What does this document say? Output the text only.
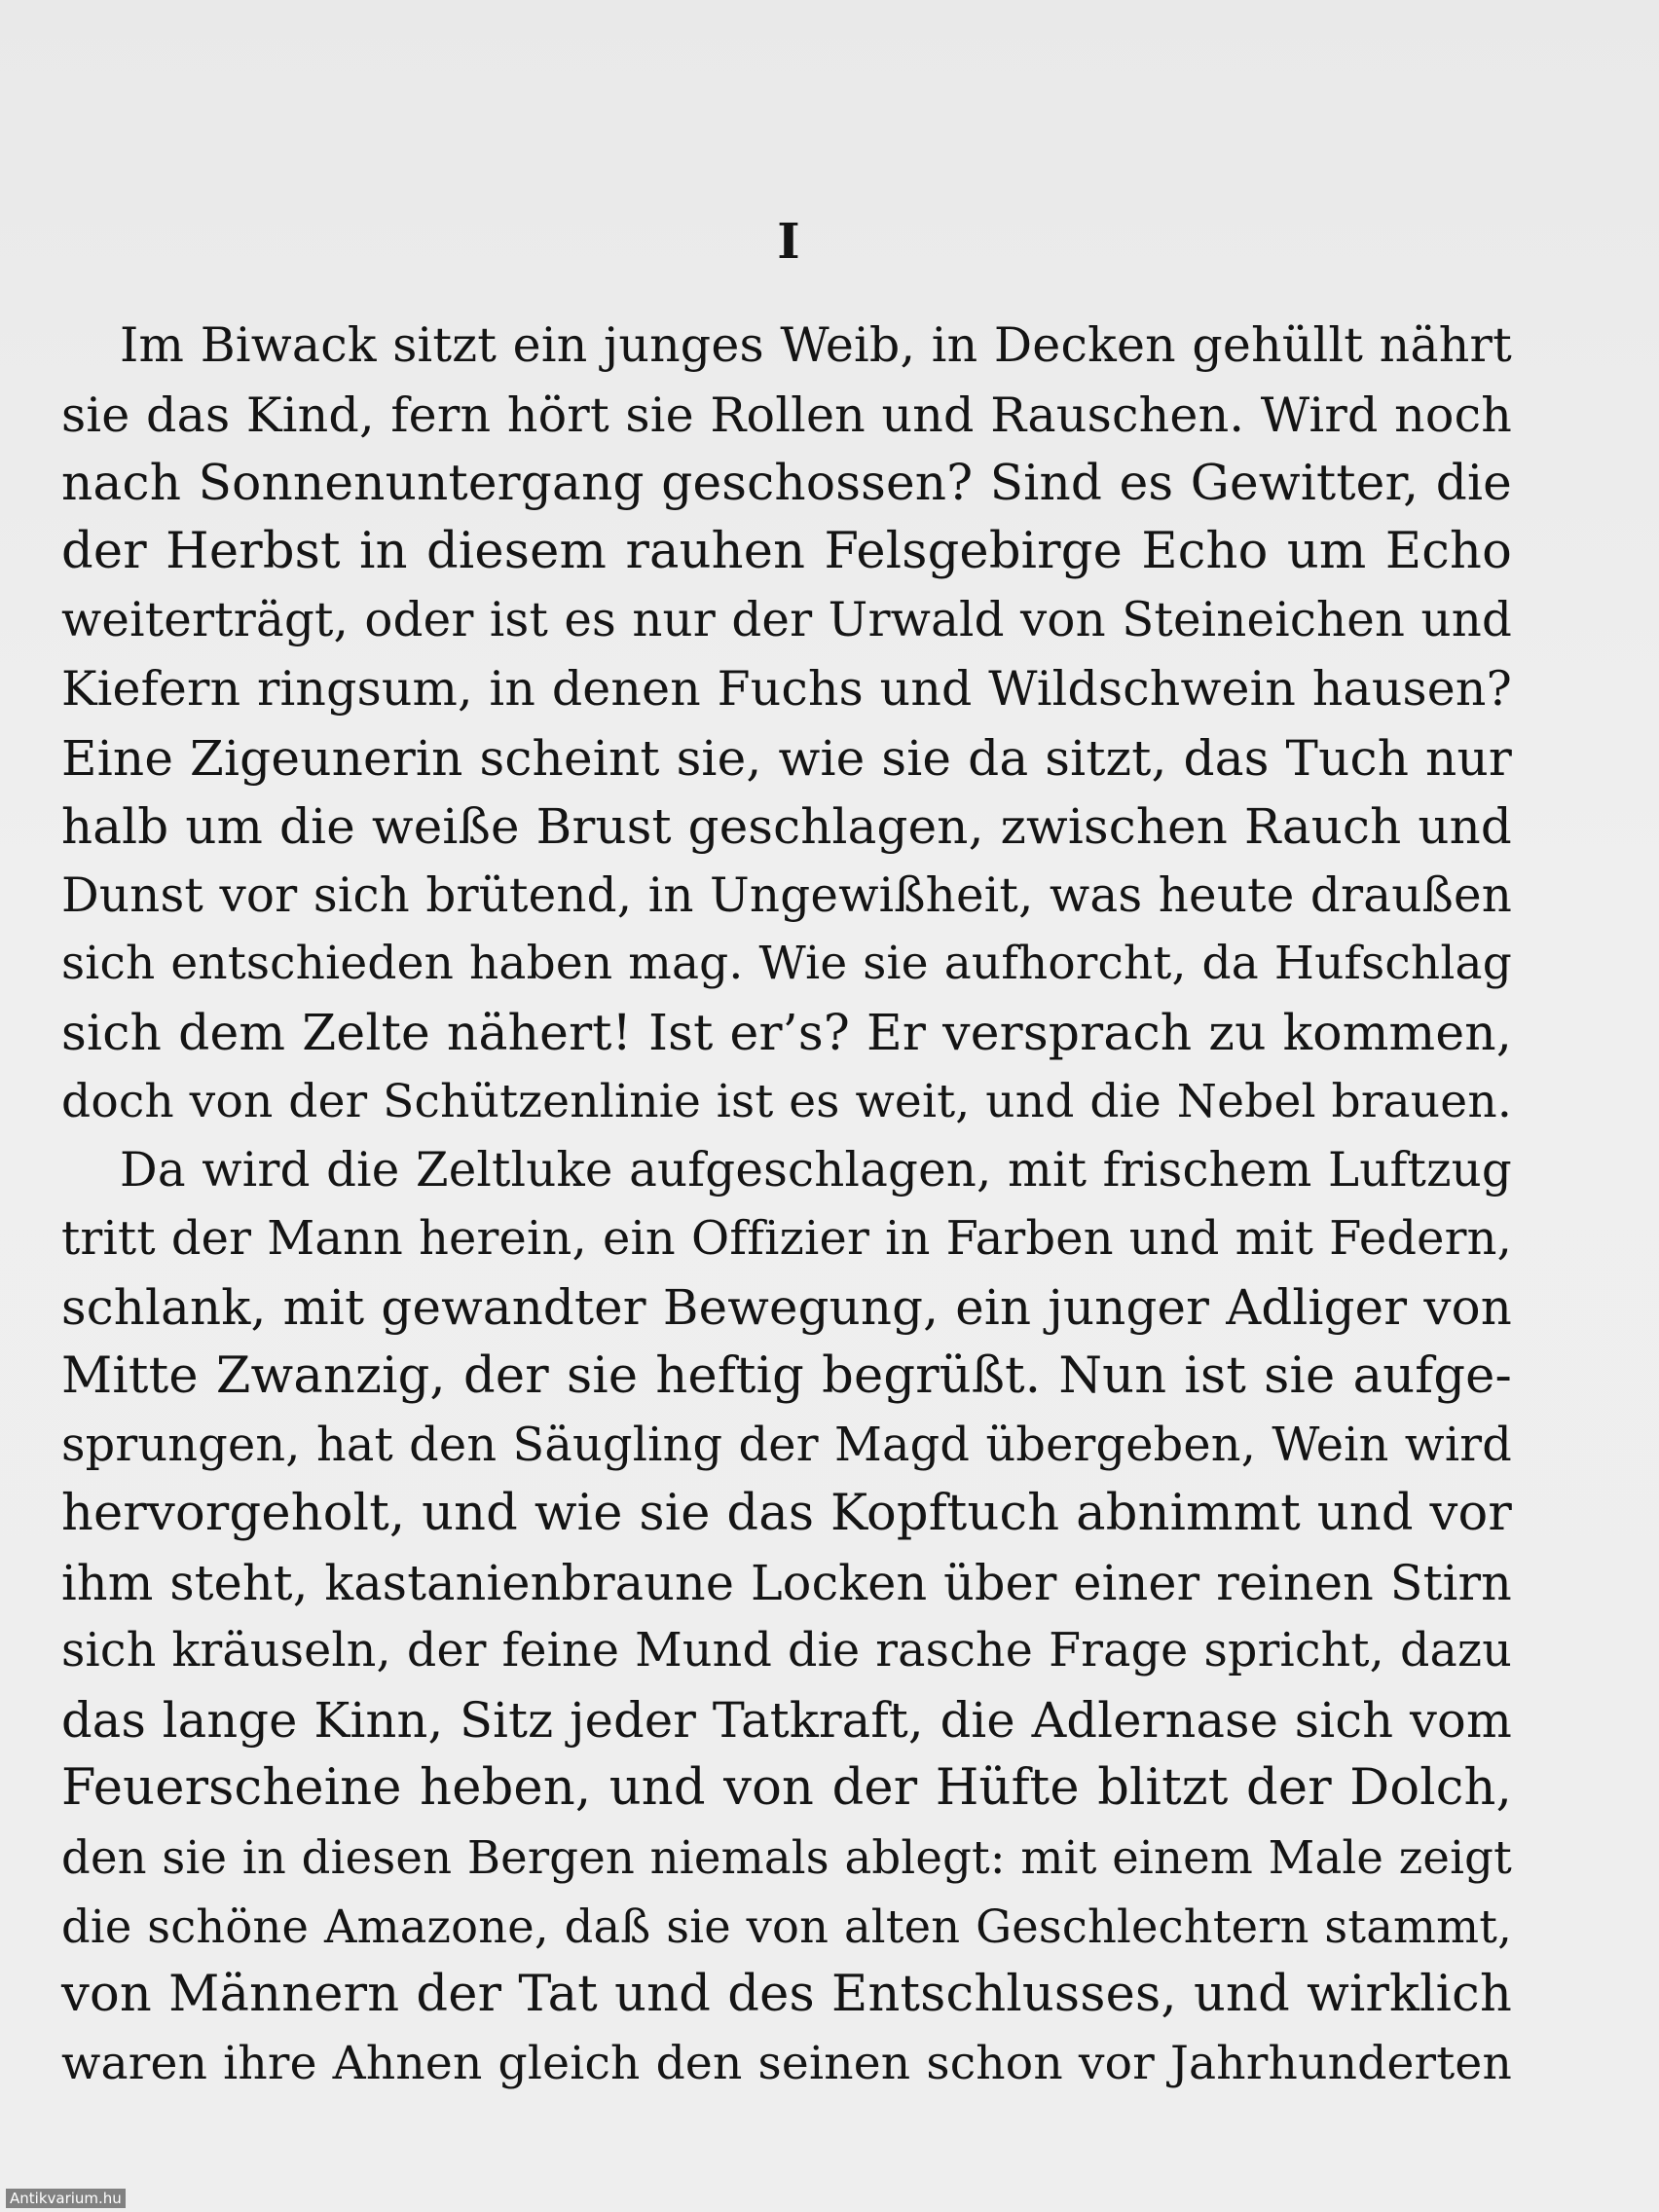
I
Im Biwack sitzt ein junges Weib, in Decken gehüllt nährt
sie das Kind, fern hört sie Rollen und Rauschen. Wird noch
nach Sonnenuntergang geschossen? Sind es Gewitter, die
der Herbst in diesem rauhen Felsgebirge Echo um Echo
weiterträgt, oder ist es nur der Urwald von Steineichen und
Kiefern ringsum, in denen Fuchs und Wildschwein hausen?
Eine Zigeunerin scheint sie, wie sie da sitzt, das Tuch nur
halb um die weiße Brust geschlagen, zwischen Rauch und
Dunst vor sich brütend, in Ungewißheit, was heute draußen
sich entschieden haben mag. Wie sie aufhorcht, da Hufschlag
sich dem Zelte nähert! Ist er’s? Er versprach zu kommen,
doch von der Schützenlinie ist es weit, und die Nebel brauen.
Da wird die Zeltluke aufgeschlagen, mit frischem Luftzug
tritt der Mann herein, ein Offizier in Farben und mit Federn,
schlank, mit gewandter Bewegung, ein junger Adliger von
Mitte Zwanzig, der sie heftig begrüßt. Nun ist sie aufge-
sprungen, hat den Säugling der Magd übergeben, Wein wird
hervorgeholt, und wie sie das Kopftuch abnimmt und vor
ihm steht, kastanienbraune Locken über einer reinen Stirn
sich kräuseln, der feine Mund die rasche Frage spricht, dazu
das lange Kinn, Sitz jeder Tatkraft, die Adlernase sich vom
Feuerscheine heben, und von der Hüfte blitzt der Dolch,
den sie in diesen Bergen niemals ablegt: mit einem Male zeigt
die schöne Amazone, daß sie von alten Geschlechtern stammt,
von Männern der Tat und des Entschlusses, und wirklich
waren ihre Ahnen gleich den seinen schon vor Jahrhunderten
Antikvarium.hu
